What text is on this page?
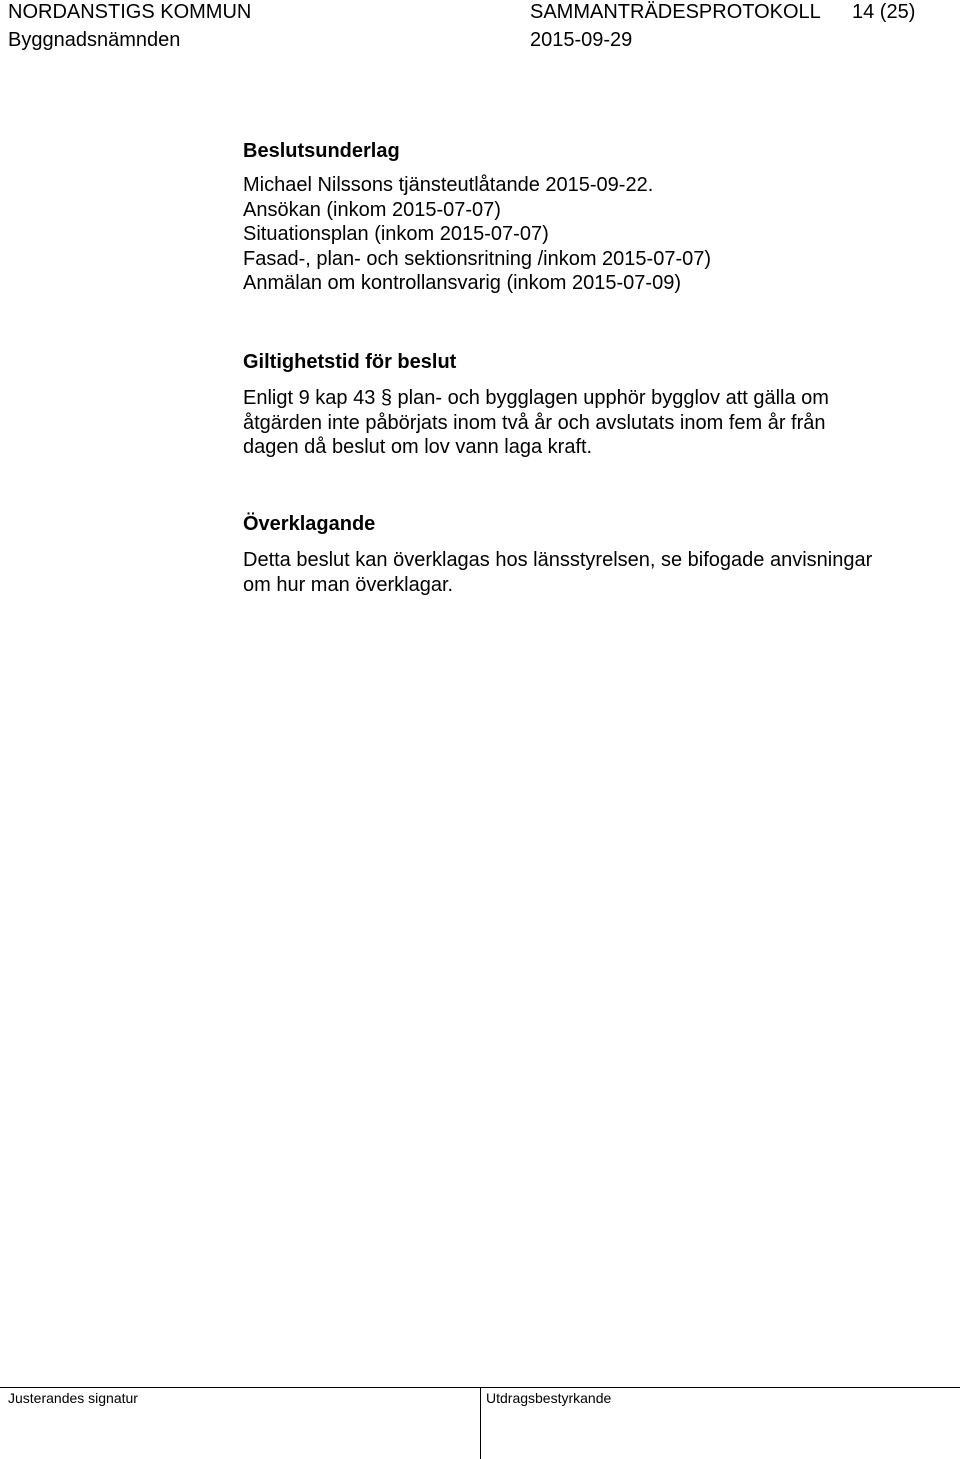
NORDANSTIGS KOMMUN
Byggnadsnämnden
SAMMANTRÄDESPROTOKOLL
2015-09-29
14 (25)

Beslutsunderlag

Michael Nilssons tjänsteutlåtande 2015-09-22.

Ansökan (inkom 2015-07-07)

Situationsplan (inkom 2015-07-07)

Fasad-, plan- och sektionsritning /inkom 2015-07-07)

Anmälan om kontrollansvarig (inkom 2015-07-09)

Giltighetstid för beslut

Enligt 9 kap 43 § plan- och bygglagen upphör bygglov att gälla om

åtgärden inte påbörjats inom två år och avslutats inom fem år från

dagen då beslut om lov vann laga kraft.

Överklagande

Detta beslut kan överklagas hos länsstyrelsen, se bifogade anvisningar

om hur man överklagar.

Justerandes signatur	Utdragsbestyrkande
